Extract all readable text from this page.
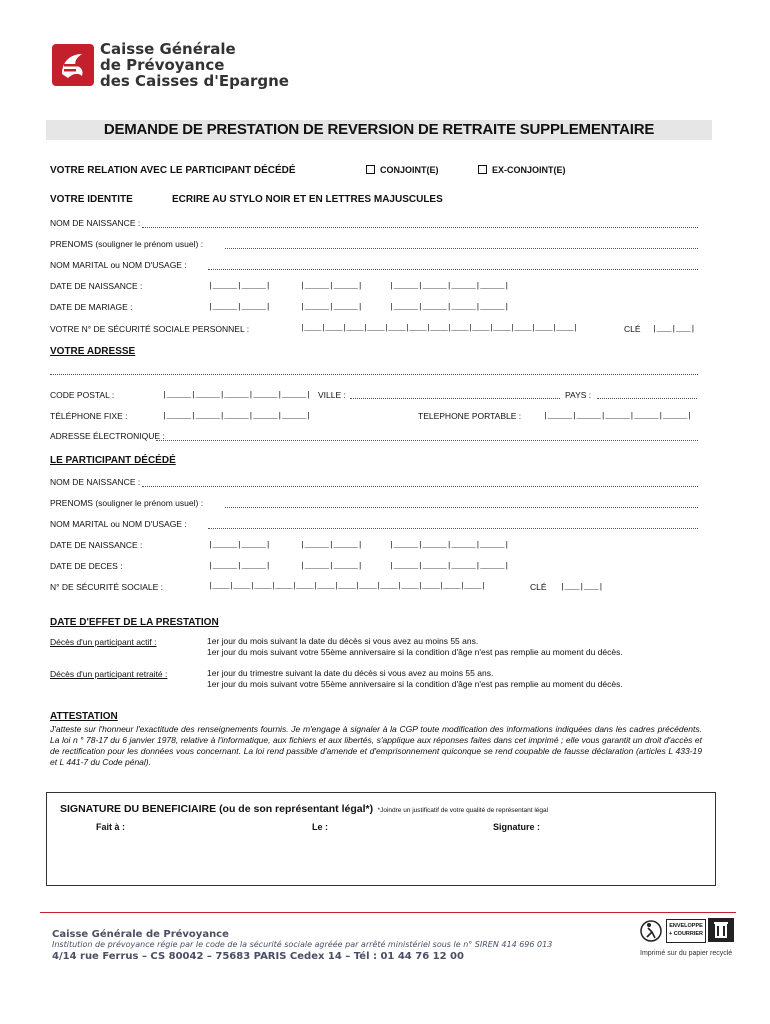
Caisse Générale
de Prévoyance
des Caisses d'Epargne
DEMANDE DE PRESTATION DE REVERSION DE RETRAITE SUPPLEMENTAIRE
VOTRE RELATION AVEC LE PARTICIPANT DÉCÉDÉ	CONJOINT(E)	EX-CONJOINT(E)
VOTRE IDENTITE	ECRIRE AU STYLO NOIR ET EN LETTRES MAJUSCULES
NOM DE NAISSANCE :
PRENOMS (souligner le prénom usuel) :
NOM MARITAL ou NOM D'USAGE :
DATE DE NAISSANCE :	|_____|_____|	|_____|_____|	|_____|_____|_____|_____|
DATE DE MARIAGE :	|_____|_____|	|_____|_____|	|_____|_____|_____|_____|
VOTRE N° DE SÉCURITÉ SOCIALE PERSONNEL :	|____|____|____|____|____|____|____|____|____|____|____|____|____|	CLÉ |___|___|
VOTRE ADRESSE
CODE POSTAL :	|_____|_____|_____|_____|_____| VILLE :	PAYS :
TÉLÉPHONE FIXE :	|_____|_____|_____|_____|_____|	TELEPHONE PORTABLE :	|_____|_____|_____|_____|_____|
ADRESSE ÉLECTRONIQUE :
LE PARTICIPANT DÉCÉDÉ
NOM DE NAISSANCE :
PRENOMS (souligner le prénom usuel) :
NOM MARITAL ou NOM D'USAGE :
DATE DE NAISSANCE :	|_____|_____|	|_____|_____|	|_____|_____|_____|_____|
DATE DE DECES :	|_____|_____|	|_____|_____|	|_____|_____|_____|_____|
N° DE SÉCURITÉ SOCIALE :	|____|____|____|____|____|____|____|____|____|____|____|____|____|	CLÉ |___|___|
DATE D'EFFET DE LA PRESTATION
Décès d'un participant actif :	1er jour du mois suivant la date du décès si vous avez au moins 55 ans.
1er jour du mois suivant votre 55ème anniversaire si la condition d'âge n'est pas remplie au moment du décès.
Décès d'un participant retraité :	1er jour du trimestre suivant la date du décès si vous avez au moins 55 ans.
1er jour du mois suivant votre 55ème anniversaire si la condition d'âge n'est pas remplie au moment du décès.
ATTESTATION
J'atteste sur l'honneur l'exactitude des renseignements fournis. Je m'engage à signaler à la CGP toute modification des informations indiquées dans les cadres précédents. La loi n ° 78-17 du 6 janvier 1978, relative à l'informatique, aux fichiers et aux libertés, s'applique aux réponses faites dans cet imprimé ; elle vous garantit un droit d'accès et de rectification pour les données vous concernant. La loi rend passible d'amende et d'emprisonnement quiconque se rend coupable de fausse déclaration (articles L 433-19 et L 441-7 du Code pénal).
SIGNATURE DU BENEFICIAIRE (ou de son représentant légal*) *Joindre un justificatif de votre qualité de représentant légal
Fait à :	Le :	Signature :
Caisse Générale de Prévoyance
Institution de prévoyance régie par le code de la sécurité sociale agréée par arrêté ministériel sous le n° SIREN 414 696 013
4/14 rue Ferrus – CS 80042 – 75683 PARIS Cedex 14 – Tél : 01 44 76 12 00
ENVELOPPE
+ COURRIER
Imprimé sur du papier recyclé
